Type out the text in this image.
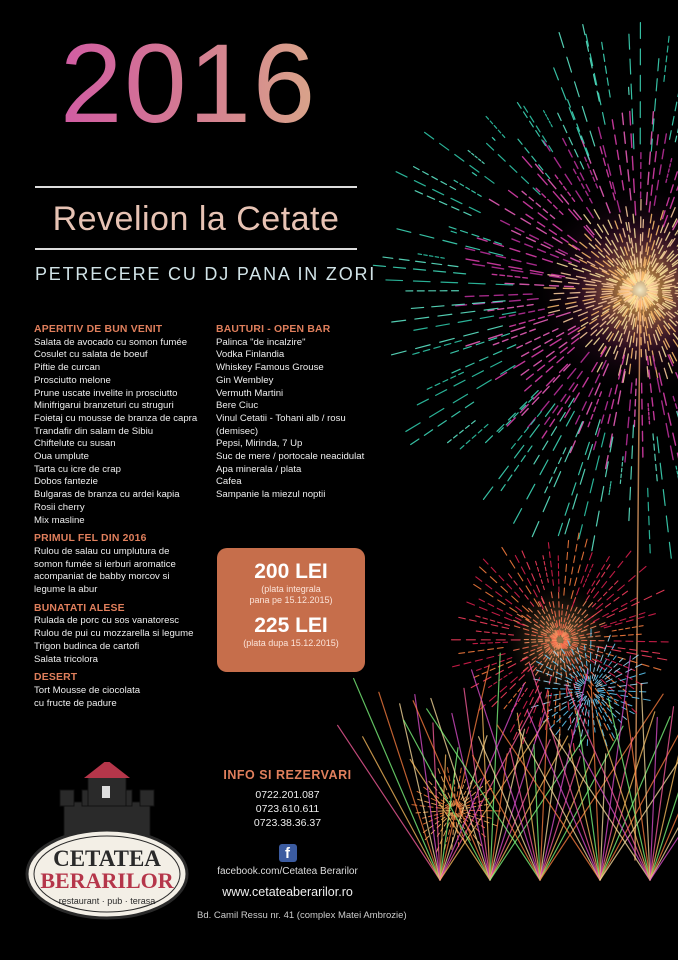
2016
Revelion la Cetate
PETRECERE CU DJ PANA IN ZORI
APERITIV DE BUN VENIT
Salata de avocado cu somon fumée
Cosulet cu salata de boeuf
Piftie de curcan
Prosciutto melone
Prune uscate invelite in prosciutto
Minifrigarui branzeturi cu struguri
Foietaj cu mousse de branza de capra
Trandafir din salam de Sibiu
Chiftelute cu susan
Oua umplute
Tarta cu icre de crap
Dobos fantezie
Bulgaras de branza cu ardei kapia
Rosii cherry
Mix masline
PRIMUL FEL DIN 2016
Rulou de salau cu umplutura de
somon fumée si ierburi aromatice
acompaniat de babby morcov si
legume la abur
BUNATATI ALESE
Rulada de porc cu sos vanatoresc
Rulou de pui cu mozzarella si legume
Trigon budinca de cartofi
Salata tricolora
DESERT
Tort Mousse de ciocolata
cu fructe de padure
BAUTURI - OPEN BAR
Palinca "de incalzire"
Vodka Finlandia
Whiskey Famous Grouse
Gin Wembley
Vermuth Martini
Bere Ciuc
Vinul Cetatii - Tohani alb / rosu
(demisec)
Pepsi, Mirinda, 7 Up
Suc de mere / portocale neacidulat
Apa minerala / plata
Cafea
Sampanie la miezul noptii
200 LEI
(plata integrala
pana pe 15.12.2015)
225 LEI
(plata dupa 15.12.2015)
INFO SI REZERVARI
0722.201.087
0723.610.611
0723.38.36.37
f
facebook.com/Cetatea Berarilor
www.cetateaberarilor.ro
Bd. Camil Ressu nr. 41 (complex Matei Ambrozie)
CETATEA
BERARILOR
restaurant · pub · terasa
